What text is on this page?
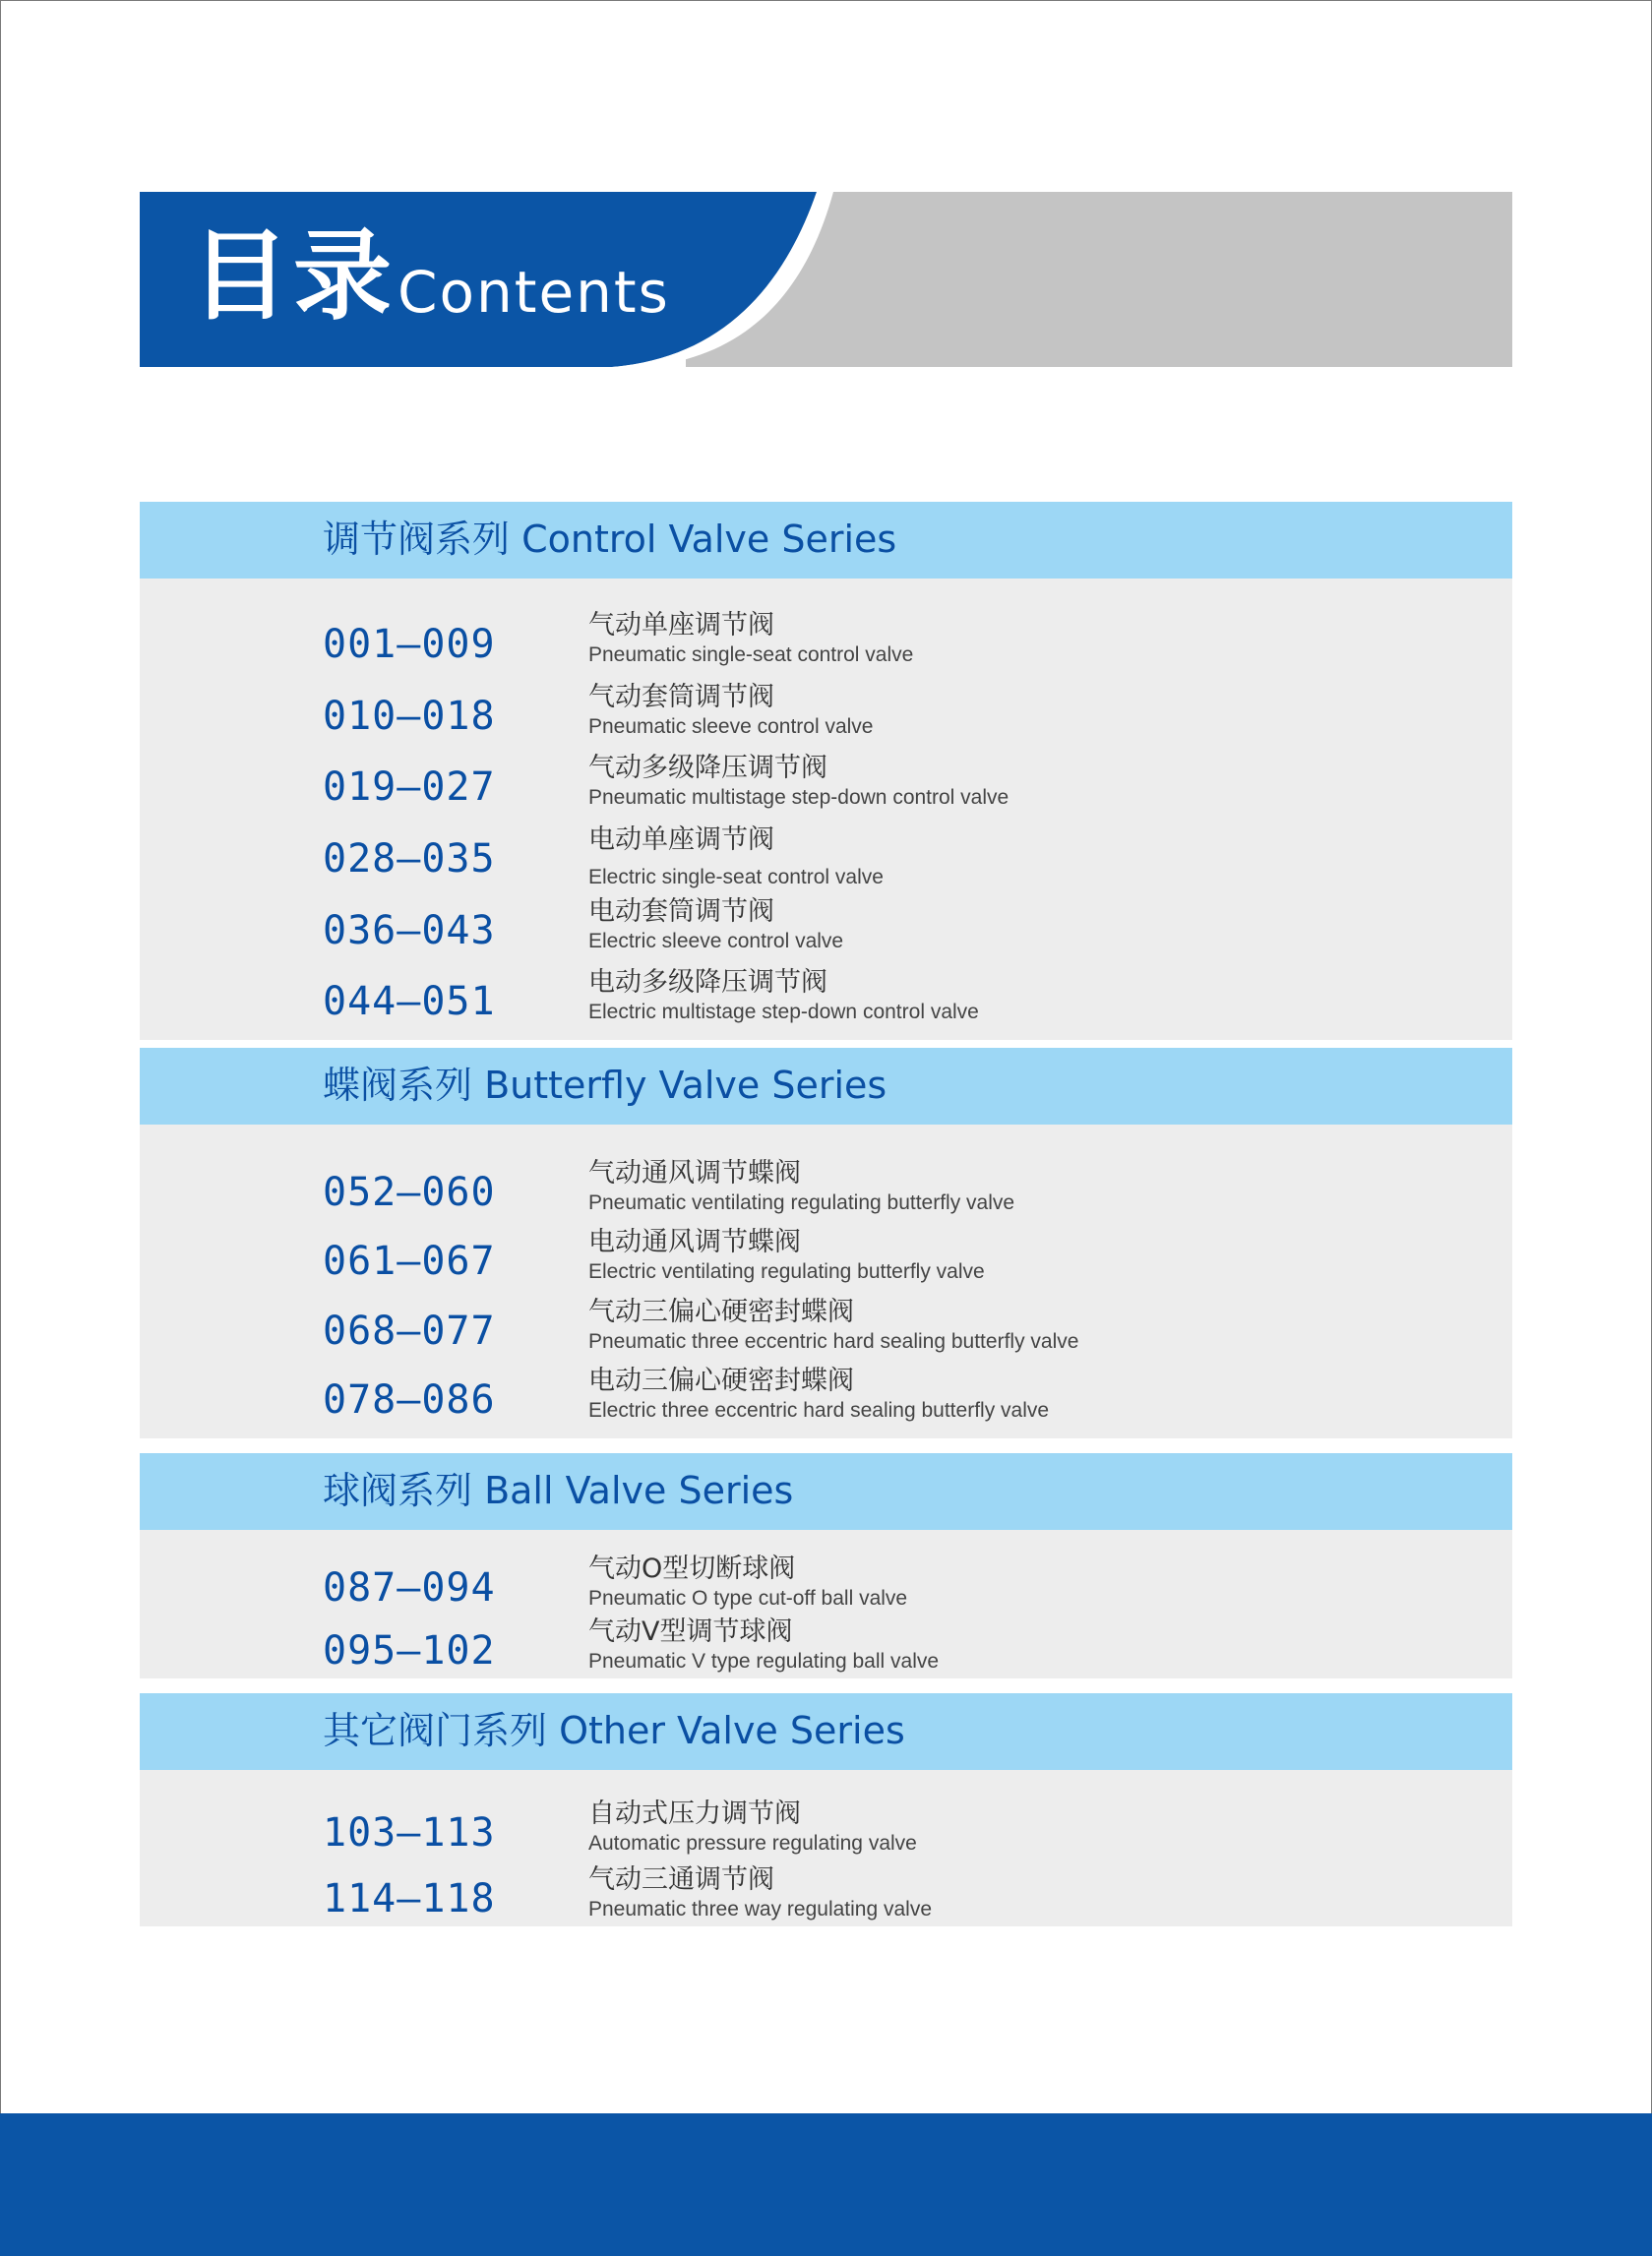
目录 Contents
调节阀系列 Control Valve Series
001–009	气动单座调节阀
Pneumatic single-seat control valve
010–018	气动套筒调节阀
Pneumatic sleeve control valve
019–027	气动多级降压调节阀
Pneumatic multistage step-down control valve
028–035	电动单座调节阀
Electric single-seat control valve
036–043	电动套筒调节阀
Electric sleeve control valve
044–051	电动多级降压调节阀
Electric multistage step-down control valve
蝶阀系列 Butterfly Valve Series
052–060	气动通风调节蝶阀
Pneumatic ventilating regulating butterfly valve
061–067	电动通风调节蝶阀
Electric ventilating regulating butterfly valve
068–077	气动三偏心硬密封蝶阀
Pneumatic three eccentric hard sealing butterfly valve
078–086	电动三偏心硬密封蝶阀
Electric three eccentric hard sealing butterfly valve
球阀系列 Ball Valve Series
087–094	气动O型切断球阀
Pneumatic O type cut-off ball valve
095–102	气动V型调节球阀
Pneumatic V type regulating ball valve
其它阀门系列 Other Valve Series
103–113	自动式压力调节阀
Automatic pressure regulating valve
114–118	气动三通调节阀
Pneumatic three way regulating valve
